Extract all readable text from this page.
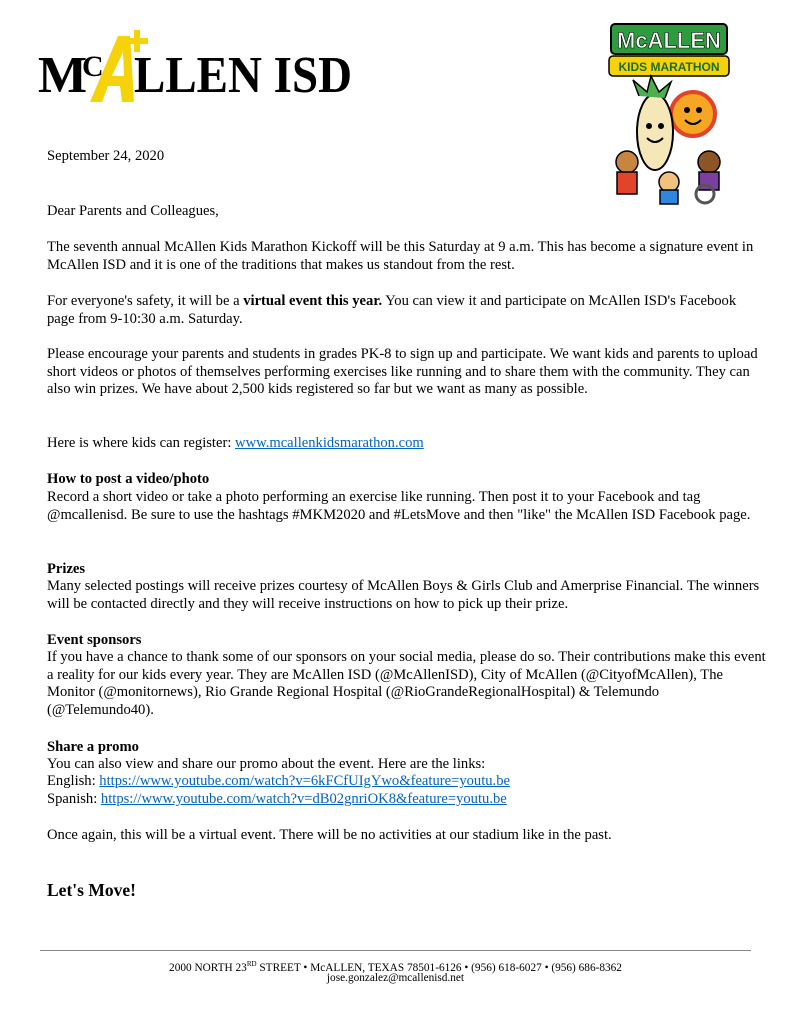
M
C LLEN ISD
McALLEN
KIDS MARATHON

September 24, 2020

Dear Parents and Colleagues,

The seventh annual McAllen Kids Marathon Kickoff will be this Saturday at 9 a.m. This has become a signature event in McAllen ISD and it is one of the traditions that makes us standout from the rest.

For everyone's safety, it will be a virtual event this year. You can view it and participate on McAllen ISD's Facebook page from 9-10:30 a.m. Saturday.

Please encourage your parents and students in grades PK-8 to sign up and participate. We want kids and parents to upload short videos or photos of themselves performing exercises like running and to share them with the community. They can also win prizes. We have about 2,500 kids registered so far but we want as many as possible.

Here is where kids can register: www.mcallenkidsmarathon.com

How to post a video/photo

Record a short video or take a photo performing an exercise like running. Then post it to your Facebook and tag @mcallenisd. Be sure to use the hashtags #MKM2020 and #LetsMove and then "like" the McAllen ISD Facebook page.

Prizes

Many selected postings will receive prizes courtesy of McAllen Boys & Girls Club and Amerprise Financial. The winners will be contacted directly and they will receive instructions on how to pick up their prize.

Event sponsors

If you have a chance to thank some of our sponsors on your social media, please do so. Their contributions make this event a reality for our kids every year. They are McAllen ISD (@McAllenISD), City of McAllen (@CityofMcAllen), The Monitor (@monitornews), Rio Grande Regional Hospital (@RioGrandeRegionalHospital) & Telemundo (@Telemundo40).

Share a promo

You can also view and share our promo about the event. Here are the links:

English: https://www.youtube.com/watch?v=6kFCfUIgYwo&feature=youtu.be

Spanish: https://www.youtube.com/watch?v=dB02gnriOK8&feature=youtu.be

Once again, this will be a virtual event. There will be no activities at our stadium like in the past.

Let's Move!

2000 NORTH 23RD STREET • McALLEN, TEXAS 78501-6126 • (956) 618-6027 • (956) 686-8362
jose.gonzalez@mcallenisd.net
